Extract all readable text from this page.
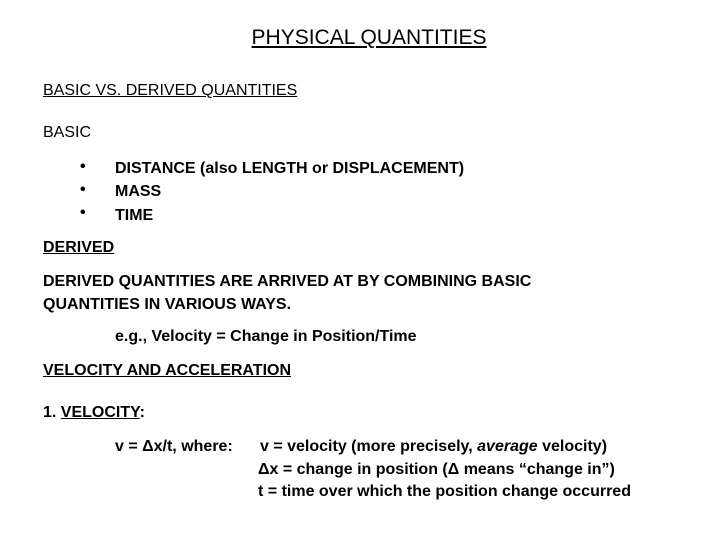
PHYSICAL QUANTITIES
BASIC VS. DERIVED QUANTITIES
BASIC
• DISTANCE (also LENGTH or DISPLACEMENT)
• MASS
• TIME
DERIVED
DERIVED QUANTITIES ARE ARRIVED AT BY COMBINING BASIC
QUANTITIES IN VARIOUS WAYS.
e.g., Velocity = Change in Position/Time
VELOCITY AND ACCELERATION
1. VELOCITY:
v = Δx/t, where: v = velocity (more precisely, average velocity)
Δx = change in position (Δ means “change in”)
t = time over which the position change occurred
